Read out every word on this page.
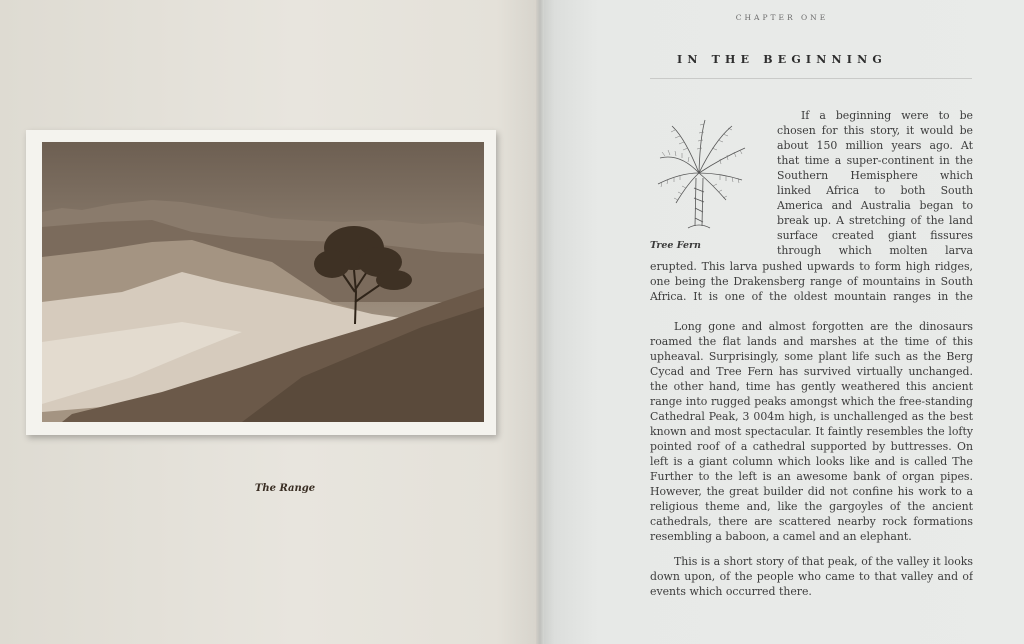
The Range
CHAPTER ONE
IN THE BEGINNING
Tree Fern
If a beginning were to be
chosen for this story, it would be
about 150 million years ago. At
that time a super-continent in the
Southern Hemisphere which
linked Africa to both South
America and Australia began to
break up. A stretching of the land
surface created giant fissures
through which molten larva
erupted. This larva pushed upwards to form high ridges,
one being the Drakensberg range of mountains in South
Africa. It is one of the oldest mountain ranges in the
Long gone and almost forgotten are the dinosaurs
roamed the flat lands and marshes at the time of this
upheaval. Surprisingly, some plant life such as the Berg
Cycad and Tree Fern has survived virtually unchanged.
the other hand, time has gently weathered this ancient
range into rugged peaks amongst which the free-standing
Cathedral Peak, 3 004m high, is unchallenged as the best
known and most spectacular. It faintly resembles the lofty
pointed roof of a cathedral supported by buttresses. On
left is a giant column which looks like and is called The
Further to the left is an awesome bank of organ pipes.
However, the great builder did not confine his work to a
religious theme and, like the gargoyles of the ancient
cathedrals, there are scattered nearby rock formations
resembling a baboon, a camel and an elephant.
This is a short story of that peak, of the valley it looks
down upon, of the people who came to that valley and of
events which occurred there.
